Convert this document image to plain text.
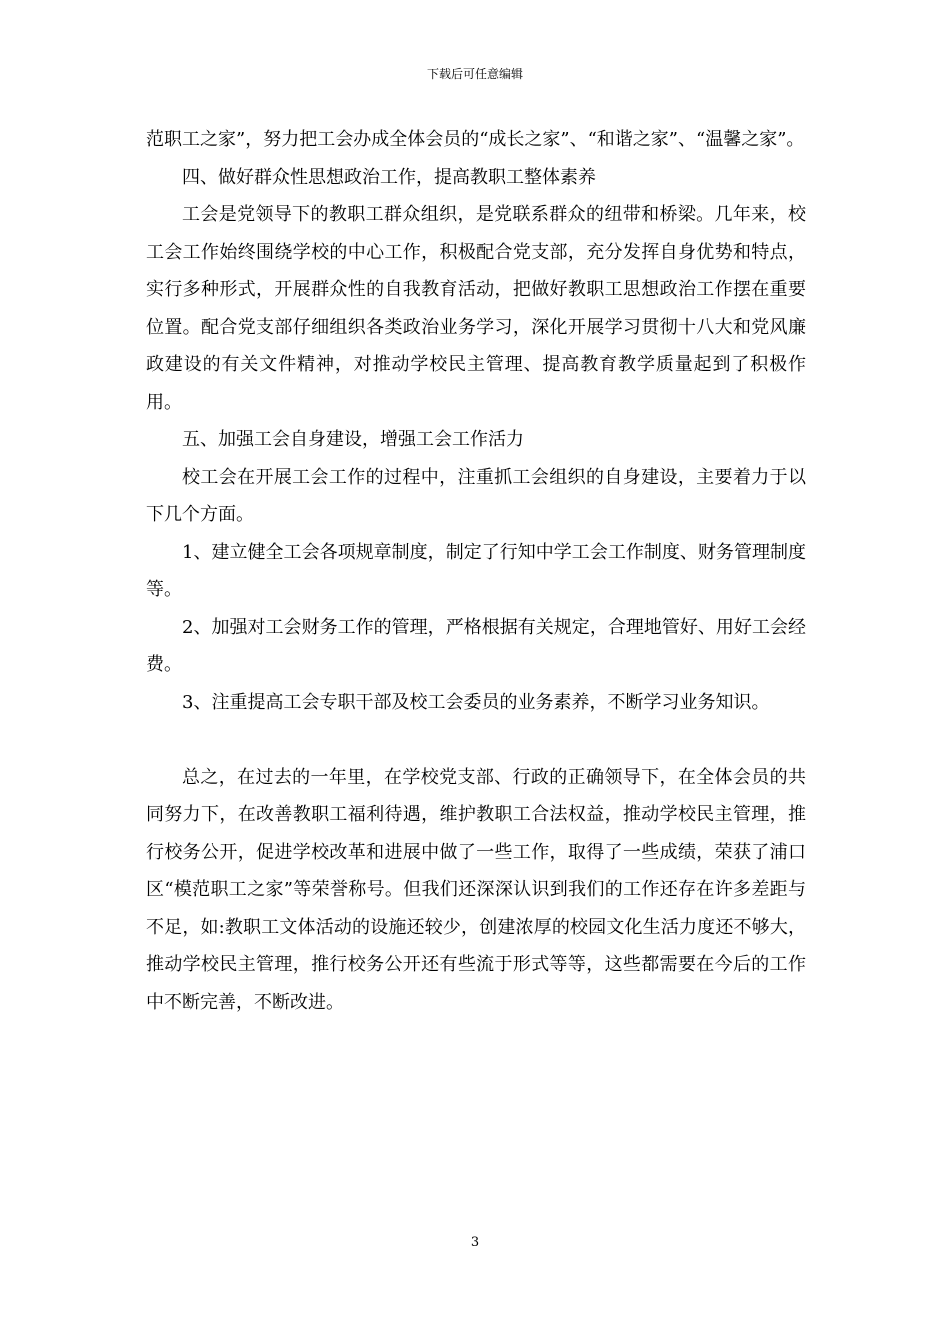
下载后可任意编辑

范职工之家”，努力把工会办成全体会员的“成长之家”、“和谐之家”、“温馨之家”。

四、做好群众性思想政治工作，提高教职工整体素养

工会是党领导下的教职工群众组织，是党联系群众的纽带和桥梁。几年来，校工会工作始终围绕学校的中心工作，积极配合党支部，充分发挥自身优势和特点，实行多种形式，开展群众性的自我教育活动，把做好教职工思想政治工作摆在重要位置。配合党支部仔细组织各类政治业务学习，深化开展学习贯彻十八大和党风廉政建设的有关文件精神，对推动学校民主管理、提高教育教学质量起到了积极作用。

五、加强工会自身建设，增强工会工作活力

校工会在开展工会工作的过程中，注重抓工会组织的自身建设，主要着力于以下几个方面。

1、建立健全工会各项规章制度，制定了行知中学工会工作制度、财务管理制度等。

2、加强对工会财务工作的管理，严格根据有关规定，合理地管好、用好工会经费。

3、注重提高工会专职干部及校工会委员的业务素养，不断学习业务知识。

总之，在过去的一年里，在学校党支部、行政的正确领导下，在全体会员的共同努力下，在改善教职工福利待遇，维护教职工合法权益，推动学校民主管理，推行校务公开，促进学校改革和进展中做了一些工作，取得了一些成绩，荣获了浦口区“模范职工之家”等荣誉称号。但我们还深深认识到我们的工作还存在许多差距与不足，如:教职工文体活动的设施还较少，创建浓厚的校园文化生活力度还不够大，推动学校民主管理，推行校务公开还有些流于形式等等，这些都需要在今后的工作中不断完善，不断改进。

3
